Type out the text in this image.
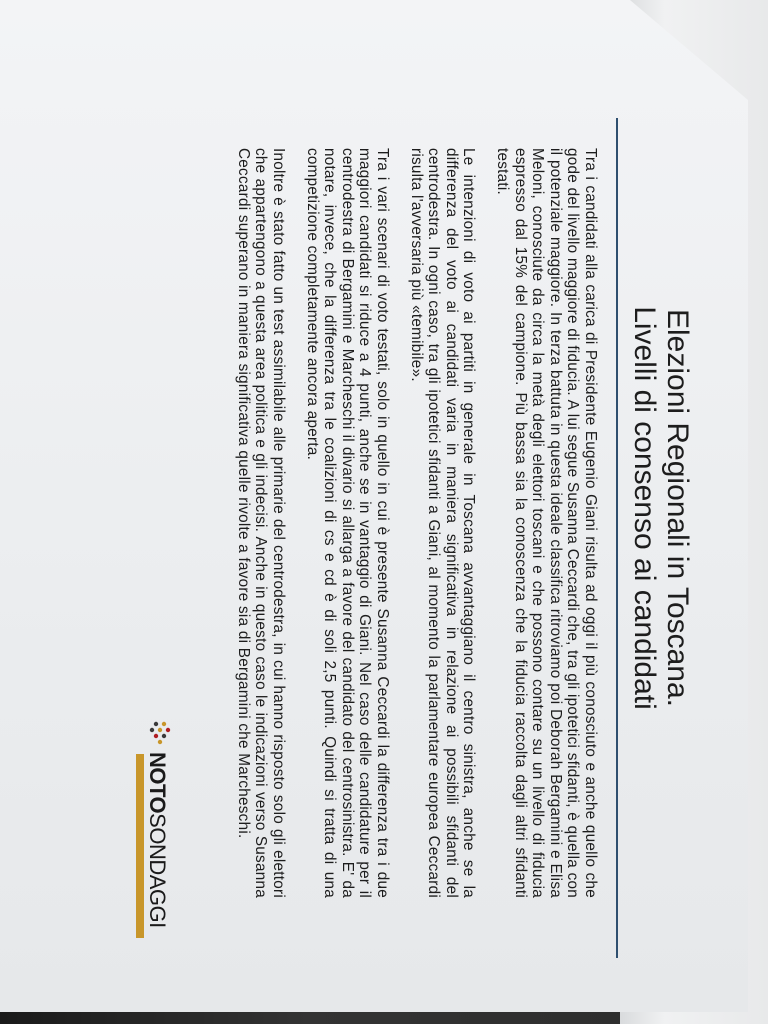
Elezioni Regionali in Toscana.
Livelli di consenso ai candidati

Tra i candidati alla carica di Presidente Eugenio Giani risulta ad oggi il più conosciuto e anche quello che gode del livello maggiore di fiducia. A lui segue Susanna Ceccardi che, tra gli ipotetici sfidanti, è quella con il potenziale maggiore. In terza battuta in questa ideale classifica ritroviamo poi Deborah Bergamini e Elisa Meloni, conosciute da circa la metà degli elettori toscani e che possono contare su un livello di fiducia espresso dal 15% del campione. Più bassa sia la conoscenza che la fiducia raccolta dagli altri sfidanti testati.

Le intenzioni di voto ai partiti in generale in Toscana avvantaggiano il centro sinistra, anche se la differenza del voto ai candidati varia in maniera significativa in relazione ai possibili sfidanti del centrodestra. In ogni caso, tra gli ipotetici sfidanti a Giani, al momento la parlamentare europea Ceccardi risulta l'avversaria più «temibile».

Tra i vari scenari di voto testati, solo in quello in cui è presente Susanna Ceccardi la differenza tra i due maggiori candidati si riduce a 4 punti, anche se in vantaggio di Giani. Nel caso delle candidature per il centrodestra di Bergamini e Marcheschi il divario si allarga a favore del candidato del centrosinistra. E' da notare, invece, che la differenza tra le coalizioni di cs e cd è di soli 2,5 punti. Quindi si tratta di una competizione completamente ancora aperta.

Inoltre è stato fatto un test assimilabile alle primarie del centrodestra, in cui hanno risposto solo gli elettori che appartengono a questa area politica e gli indecisi. Anche in questo caso le indicazioni verso Susanna Ceccardi superano in maniera significativa quelle rivolte a favore sia di Bergamini che Marcheschi.

NOTOSONDAGGI
